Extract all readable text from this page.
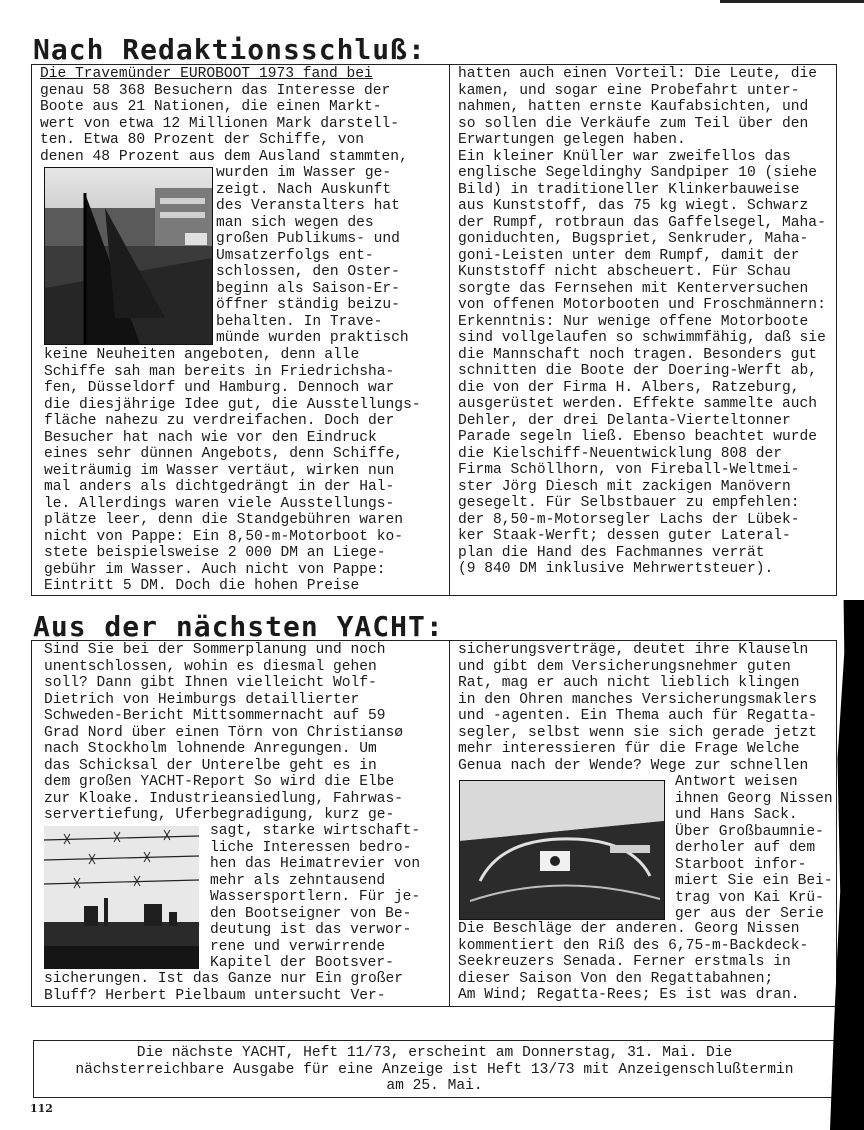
Nach Redaktionsschluß:
Die Travemünder EUROBOOT 1973 fand bei
genau 58 368 Besuchern das Interesse der
Boote aus 21 Nationen, die einen Markt-
wert von etwa 12 Millionen Mark darstell-
ten. Etwa 80 Prozent der Schiffe, von
denen 48 Prozent aus dem Ausland stammten,
wurden im Wasser ge-
zeigt. Nach Auskunft
des Veranstalters hat
man sich wegen des
großen Publikums- und
Umsatzerfolgs ent-
schlossen, den Oster-
beginn als Saison-Er-
öffner ständig beizu-
behalten. In Trave-
münde wurden praktisch
keine Neuheiten angeboten, denn alle
Schiffe sah man bereits in Friedrichsha-
fen, Düsseldorf und Hamburg. Dennoch war
die diesjährige Idee gut, die Ausstellungs-
fläche nahezu zu verdreifachen. Doch der
Besucher hat nach wie vor den Eindruck
eines sehr dünnen Angebots, denn Schiffe,
weiträumig im Wasser vertäut, wirken nun
mal anders als dichtgedrängt in der Hal-
le. Allerdings waren viele Ausstellungs-
plätze leer, denn die Standgebühren waren
nicht von Pappe: Ein 8,50-m-Motorboot ko-
stete beispielsweise 2 000 DM an Liege-
gebühr im Wasser. Auch nicht von Pappe:
Eintritt 5 DM. Doch die hohen Preise
hatten auch einen Vorteil: Die Leute, die
kamen, und sogar eine Probefahrt unter-
nahmen, hatten ernste Kaufabsichten, und
so sollen die Verkäufe zum Teil über den
Erwartungen gelegen haben.
Ein kleiner Knüller war zweifellos das
englische Segeldinghy Sandpiper 10 (siehe
Bild) in traditioneller Klinkerbauweise
aus Kunststoff, das 75 kg wiegt. Schwarz
der Rumpf, rotbraun das Gaffelsegel, Maha-
goniduchten, Bugspriet, Senkruder, Maha-
goni-Leisten unter dem Rumpf, damit der
Kunststoff nicht abscheuert. Für Schau
sorgte das Fernsehen mit Kenterversuchen
von offenen Motorbooten und Froschmännern:
Erkenntnis: Nur wenige offene Motorboote
sind vollgelaufen so schwimmfähig, daß sie
die Mannschaft noch tragen. Besonders gut
schnitten die Boote der Doering-Werft ab,
die von der Firma H. Albers, Ratzeburg,
ausgerüstet werden. Effekte sammelte auch
Dehler, der drei Delanta-Vierteltonner
Parade segeln ließ. Ebenso beachtet wurde
die Kielschiff-Neuentwicklung 808 der
Firma Schöllhorn, von Fireball-Weltmei-
ster Jörg Diesch mit zackigen Manövern
gesegelt. Für Selbstbauer zu empfehlen:
der 8,50-m-Motorsegler Lachs der Lübek-
ker Staak-Werft; dessen guter Lateral-
plan die Hand des Fachmannes verrät
(9 840 DM inklusive Mehrwertsteuer).
Aus der nächsten YACHT:
Sind Sie bei der Sommerplanung und noch
unentschlossen, wohin es diesmal gehen
soll? Dann gibt Ihnen vielleicht Wolf-
Dietrich von Heimburgs detaillierter
Schweden-Bericht Mittsommernacht auf 59
Grad Nord über einen Törn von Christiansø
nach Stockholm lohnende Anregungen. Um
das Schicksal der Unterelbe geht es in
dem großen YACHT-Report So wird die Elbe
zur Kloake. Industrieansiedlung, Fahrwas-
servertiefung, Uferbegradigung, kurz ge-
sagt, starke wirtschaft-
liche Interessen bedro-
hen das Heimatrevier von
mehr als zehntausend
Wassersportlern. Für je-
den Bootseigner von Be-
deutung ist das verwor-
rene und verwirrende
Kapitel der Bootsver-
sicherungen. Ist das Ganze nur Ein großer
Bluff? Herbert Pielbaum untersucht Ver-
sicherungsverträge, deutet ihre Klauseln
und gibt dem Versicherungsnehmer guten
Rat, mag er auch nicht lieblich klingen
in den Ohren manches Versicherungsmaklers
und -agenten. Ein Thema auch für Regatta-
segler, selbst wenn sie sich gerade jetzt
mehr interessieren für die Frage Welche
Genua nach der Wende? Wege zur schnellen
Antwort weisen
ihnen Georg Nissen
und Hans Sack.
Über Großbaumnie-
derholer auf dem
Starboot infor-
miert Sie ein Bei-
trag von Kai Krü-
ger aus der Serie
Die Beschläge der anderen. Georg Nissen
kommentiert den Riß des 6,75-m-Backdeck-
Seekreuzers Senada. Ferner erstmals in
dieser Saison Von den Regattabahnen;
Am Wind; Regatta-Rees; Es ist was dran.
Die nächste YACHT, Heft 11/73, erscheint am Donnerstag, 31. Mai. Die
nächsterreichbare Ausgabe für eine Anzeige ist Heft 13/73 mit Anzeigenschlußtermin
am 25. Mai.
112
